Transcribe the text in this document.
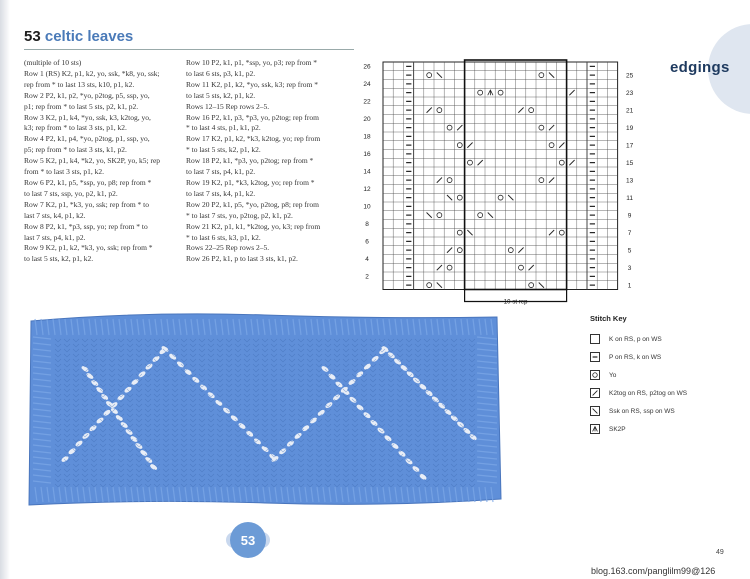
53 celtic leaves
(multiple of 10 sts)
Row 1 (RS) K2, p1, k2, yo, ssk, *k8, yo, ssk;
rep from * to last 13 sts, k10, p1, k2.
Row 2 P2, k1, p2, *yo, p2tog, p5, ssp, yo,
p1; rep from * to last 5 sts, p2, k1, p2.
Row 3 K2, p1, k4, *yo, ssk, k3, k2tog, yo,
k3; rep from * to last 3 sts, p1, k2.
Row 4 P2, k1, p4, *yo, p2tog, p1, ssp, yo,
p5; rep from * to last 3 sts, k1, p2.
Row 5 K2, p1, k4, *k2, yo, SK2P, yo, k5; rep
from * to last 3 sts, p1, k2.
Row 6 P2, k1, p5, *ssp, yo, p8; rep from *
to last 7 sts, ssp, yo, p2, k1, p2.
Row 7 K2, p1, *k3, yo, ssk; rep from * to
last 7 sts, k4, p1, k2.
Row 8 P2, k1, *p3, ssp, yo; rep from * to
last 7 sts, p4, k1, p2.
Row 9 K2, p1, k2, *k3, yo, ssk; rep from *
to last 5 sts, k2, p1, k2.
Row 10 P2, k1, p1, *ssp, yo, p3; rep from *
to last 6 sts, p3, k1, p2.
Row 11 K2, p1, k2, *yo, ssk, k3; rep from *
to last 5 sts, k2, p1, k2.
Rows 12–15 Rep rows 2–5.
Row 16 P2, k1, p3, *p3, yo, p2tog; rep from
* to last 4 sts, p1, k1, p2.
Row 17 K2, p1, k2, *k3, k2tog, yo; rep from
* to last 5 sts, k2, p1, k2.
Row 18 P2, k1, *p3, yo, p2tog; rep from *
to last 7 sts, p4, k1, p2.
Row 19 K2, p1, *k3, k2tog, yo; rep from *
to last 7 sts, k4, p1, k2.
Row 20 P2, k1, p5, *yo, p2tog, p8; rep from
* to last 7 sts, yo, p2tog, p2, k1, p2.
Row 21 K2, p1, k1, *k2tog, yo, k3; rep from
* to last 6 sts, k3, p1, k2.
Rows 22–25 Rep rows 2–5.
Row 26 P2, k1, p to last 3 sts, k1, p2.
edgings
10-st rep
26
24
22
20
18
16
14
12
10
8
6
4
2
25
23
21
19
17
15
13
11
9
7
5
3
1
Stitch Key
K on RS, p on WS
P on RS, k on WS
Yo
K2tog on RS, p2tog on WS
Ssk on RS, ssp on WS
SK2P
53
49
blog.163.com/panglilm99@126
